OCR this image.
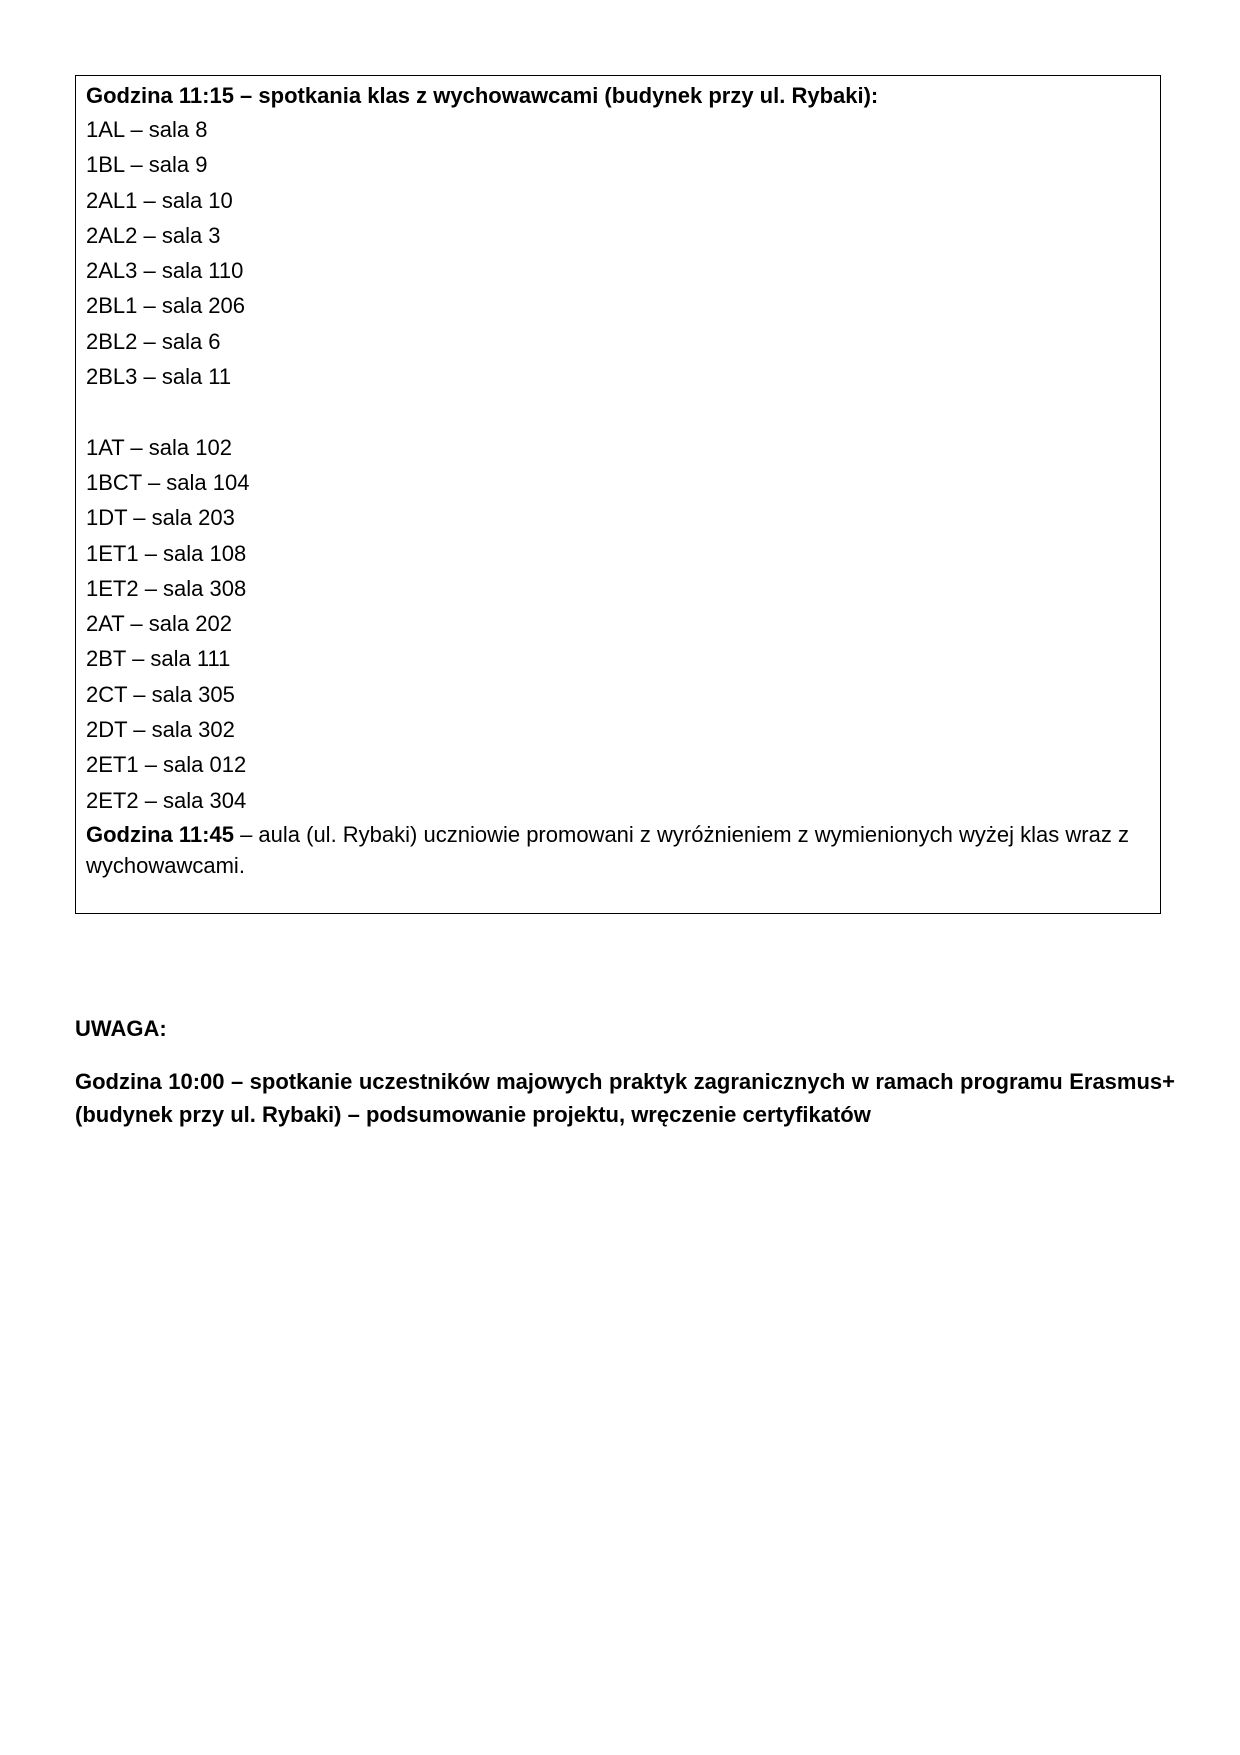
Godzina 11:15 – spotkania klas z wychowawcami (budynek przy ul. Rybaki):
1AL – sala 8
1BL – sala 9
2AL1 – sala 10
2AL2 – sala 3
2AL3 – sala 110
2BL1 – sala 206
2BL2 – sala 6
2BL3 – sala 11
1AT – sala 102
1BCT – sala 104
1DT – sala 203
1ET1 – sala 108
1ET2 – sala 308
2AT – sala 202
2BT – sala 111
2CT – sala 305
2DT – sala 302
2ET1 – sala 012
2ET2 – sala 304
Godzina 11:45 – aula (ul. Rybaki) uczniowie promowani z wyróżnieniem z wymienionych wyżej klas wraz z wychowawcami.
UWAGA:
Godzina 10:00 – spotkanie uczestników majowych praktyk zagranicznych w ramach programu Erasmus+ (budynek przy ul. Rybaki) – podsumowanie projektu, wręczenie certyfikatów
